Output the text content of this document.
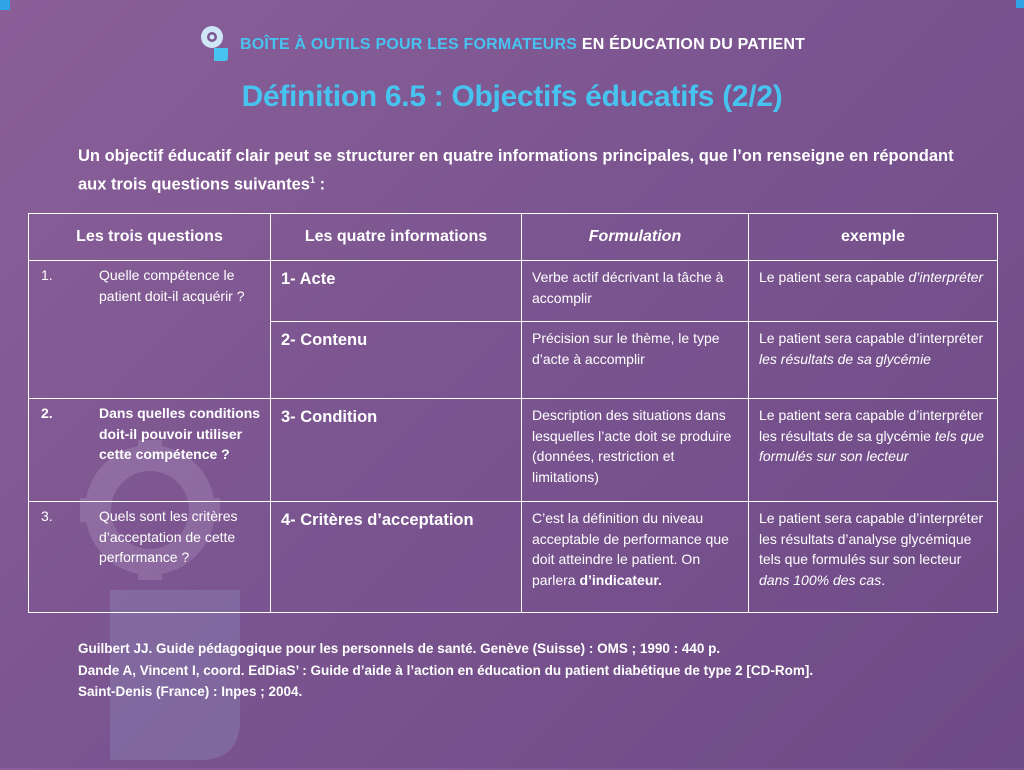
BOÎTE À OUTILS POUR LES FORMATEURS EN ÉDUCATION DU PATIENT
Définition 6.5 : Objectifs éducatifs (2/2)
Un objectif éducatif clair peut se structurer en quatre informations principales, que l’on renseigne en répondant aux trois questions suivantes$^1$ :
Les trois questions	Les quatre informations	Formulation	exemple

1. Quelle compétence le patient doit-il acquérir ?	1- Acte	Verbe actif décrivant la tâche à accomplir	Le patient sera capable d’interpréter
	2- Contenu	Précision sur le thème, le type d’acte à accomplir	Le patient sera capable d’interpréter les résultats de sa glycémie

2. Dans quelles conditions doit-il pouvoir utiliser cette compétence ?	3- Condition	Description des situations dans lesquelles l’acte doit se produire (données, restriction et limitations)	Le patient sera capable d’interpréter les résultats de sa glycémie tels que formulés sur son lecteur

3. Quels sont les critères d’acceptation de cette performance ?	4- Critères d’acceptation	C’est la définition du niveau acceptable de performance que doit atteindre le patient. On parlera d’indicateur.	Le patient sera capable d’interpréter les résultats d’analyse glycémique tels que formulés sur son lecteur dans 100% des cas.
Guilbert JJ. Guide pédagogique pour les personnels de santé. Genève (Suisse) : OMS ; 1990 : 440 p.
Dande A, Vincent I, coord. EdDiaS’ : Guide d’aide à l’action en éducation du patient diabétique de type 2 [CD-Rom].
Saint-Denis (France) : Inpes ; 2004.
